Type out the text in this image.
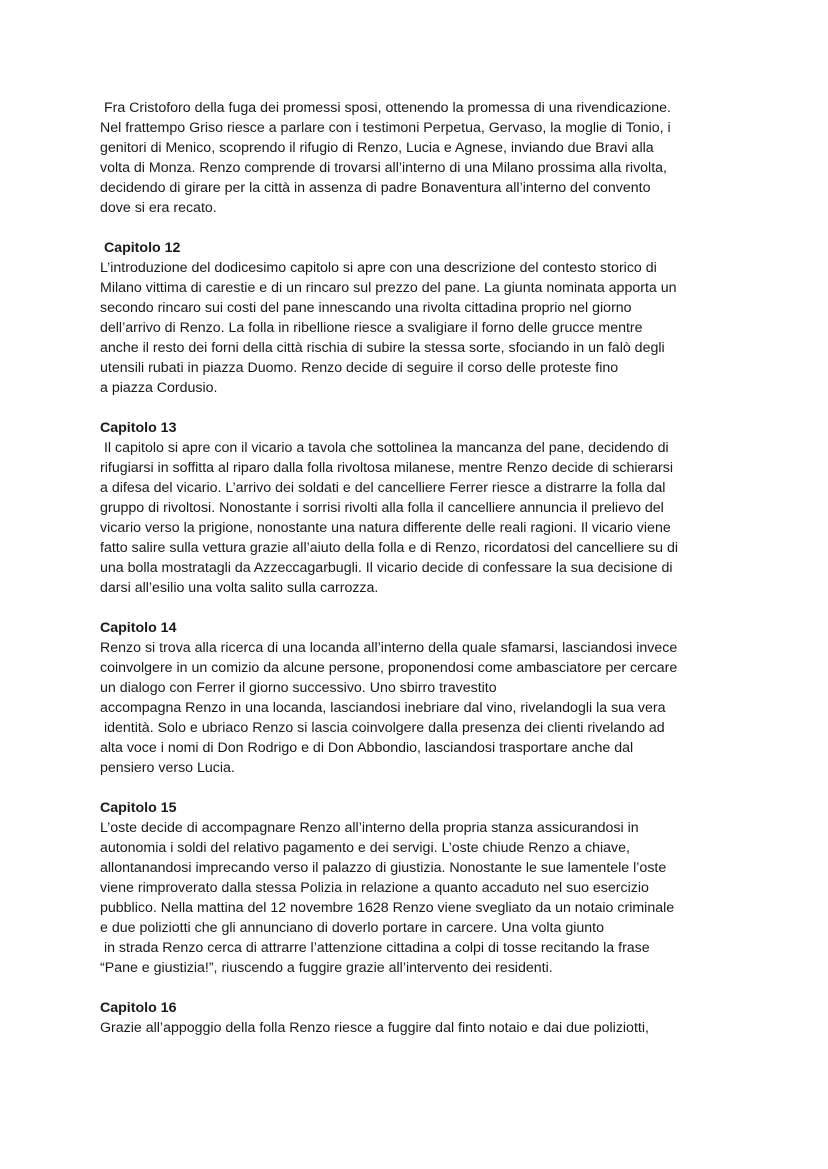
Fra Cristoforo della fuga dei promessi sposi, ottenendo la promessa di una rivendicazione.
Nel frattempo Griso riesce a parlare con i testimoni Perpetua, Gervaso, la moglie di Tonio, i
genitori di Menico, scoprendo il rifugio di Renzo, Lucia e Agnese, inviando due Bravi alla
volta di Monza. Renzo comprende di trovarsi all’interno di una Milano prossima alla rivolta,
decidendo di girare per la città in assenza di padre Bonaventura all’interno del convento
dove si era recato.
Capitolo 12
L’introduzione del dodicesimo capitolo si apre con una descrizione del contesto storico di
Milano vittima di carestie e di un rincaro sul prezzo del pane. La giunta nominata apporta un
secondo rincaro sui costi del pane innescando una rivolta cittadina proprio nel giorno
dell’arrivo di Renzo. La folla in ribellione riesce a svaligiare il forno delle grucce mentre
anche il resto dei forni della città rischia di subire la stessa sorte, sfociando in un falò degli
utensili rubati in piazza Duomo. Renzo decide di seguire il corso delle proteste fino
a piazza Cordusio.
Capitolo 13
Il capitolo si apre con il vicario a tavola che sottolinea la mancanza del pane, decidendo di
rifugiarsi in soffitta al riparo dalla folla rivoltosa milanese, mentre Renzo decide di schierarsi
a difesa del vicario. L’arrivo dei soldati e del cancelliere Ferrer riesce a distrarre la folla dal
gruppo di rivoltosi. Nonostante i sorrisi rivolti alla folla il cancelliere annuncia il prelievo del
vicario verso la prigione, nonostante una natura differente delle reali ragioni. Il vicario viene
fatto salire sulla vettura grazie all’aiuto della folla e di Renzo, ricordatosi del cancelliere su di
una bolla mostratagli da Azzeccagarbugli. Il vicario decide di confessare la sua decisione di
darsi all’esilio una volta salito sulla carrozza.
Capitolo 14
Renzo si trova alla ricerca di una locanda all’interno della quale sfamarsi, lasciandosi invece
coinvolgere in un comizio da alcune persone, proponendosi come ambasciatore per cercare
un dialogo con Ferrer il giorno successivo. Uno sbirro travestito
accompagna Renzo in una locanda, lasciandosi inebriare dal vino, rivelandogli la sua vera
identità. Solo e ubriaco Renzo si lascia coinvolgere dalla presenza dei clienti rivelando ad
alta voce i nomi di Don Rodrigo e di Don Abbondio, lasciandosi trasportare anche dal
pensiero verso Lucia.
Capitolo 15
L’oste decide di accompagnare Renzo all’interno della propria stanza assicurandosi in
autonomia i soldi del relativo pagamento e dei servigi. L’oste chiude Renzo a chiave,
allontanandosi imprecando verso il palazzo di giustizia. Nonostante le sue lamentele l’oste
viene rimproverato dalla stessa Polizia in relazione a quanto accaduto nel suo esercizio
pubblico. Nella mattina del 12 novembre 1628 Renzo viene svegliato da un notaio criminale
e due poliziotti che gli annunciano di doverlo portare in carcere. Una volta giunto
in strada Renzo cerca di attrarre l’attenzione cittadina a colpi di tosse recitando la frase
“Pane e giustizia!”, riuscendo a fuggire grazie all’intervento dei residenti.
Capitolo 16
Grazie all’appoggio della folla Renzo riesce a fuggire dal finto notaio e dai due poliziotti,
